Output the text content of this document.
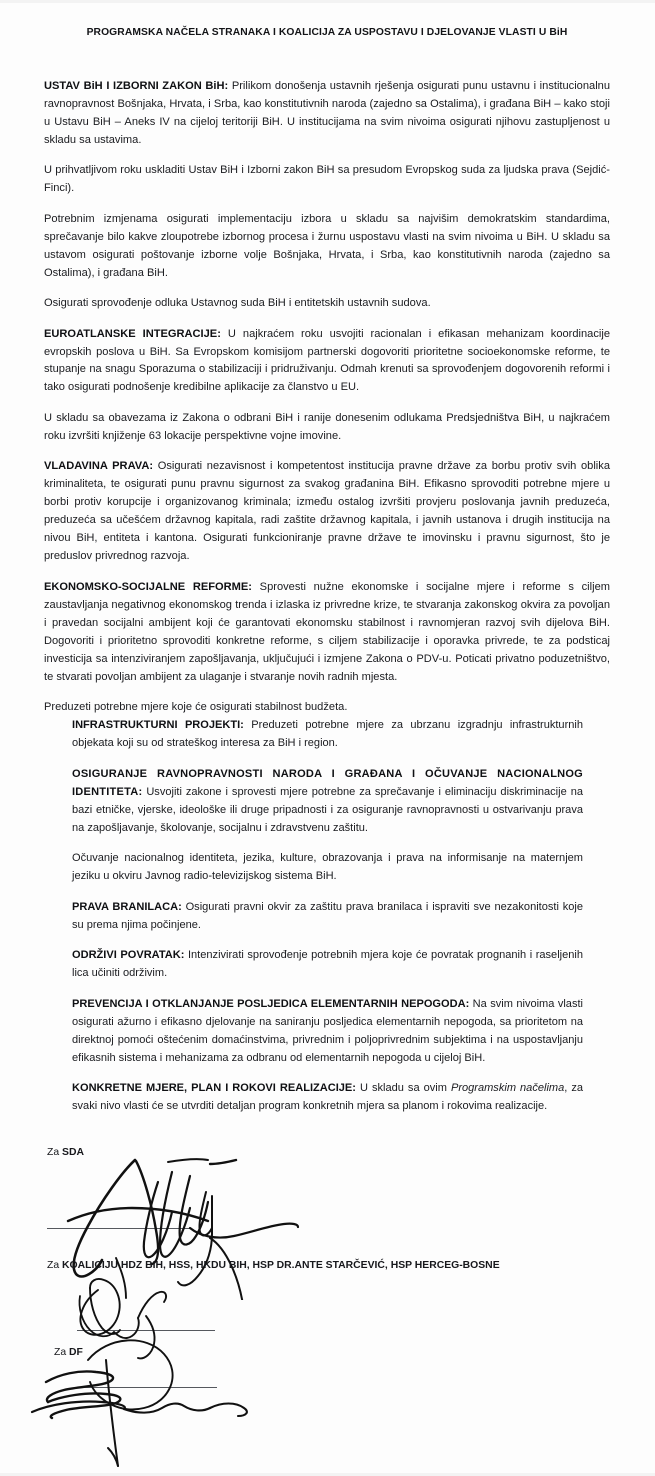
PROGRAMSKA NAČELA STRANAKA I KOALICIJA ZA USPOSTAVU I DJELOVANJE VLASTI U BiH

USTAV BiH I IZBORNI ZAKON BiH: Prilikom donošenja ustavnih rješenja osigurati punu ustavnu i institucionalnu ravnopravnost Bošnjaka, Hrvata, i Srba, kao konstitutivnih naroda (zajedno sa Ostalima), i građana BiH – kako stoji u Ustavu BiH – Aneks IV na cijeloj teritoriji BiH. U institucijama na svim nivoima osigurati njihovu zastupljenost u skladu sa ustavima.

U prihvatljivom roku uskladiti Ustav BiH i Izborni zakon BiH sa presudom Evropskog suda za ljudska prava (Sejdić-Finci).

Potrebnim izmjenama osigurati implementaciju izbora u skladu sa najvišim demokratskim standardima, sprečavanje bilo kakve zloupotrebe izbornog procesa i žurnu uspostavu vlasti na svim nivoima u BiH. U skladu sa ustavom osigurati poštovanje izborne volje Bošnjaka, Hrvata, i Srba, kao konstitutivnih naroda (zajedno sa Ostalima), i građana BiH.

Osigurati sprovođenje odluka Ustavnog suda BiH i entitetskih ustavnih sudova.

EUROATLANSKE INTEGRACIJE: U najkraćem roku usvojiti racionalan i efikasan mehanizam koordinacije evropskih poslova u BiH. Sa Evropskom komisijom partnerski dogovoriti prioritetne socioekonomske reforme, te stupanje na snagu Sporazuma o stabilizaciji i pridruživanju. Odmah krenuti sa sprovođenjem dogovorenih reformi i tako osigurati podnošenje kredibilne aplikacije za članstvo u EU.

U skladu sa obavezama iz Zakona o odbrani BiH i ranije donesenim odlukama Predsjedništva BiH, u najkraćem roku izvršiti knjiženje 63 lokacije perspektivne vojne imovine.

VLADAVINA PRAVA: Osigurati nezavisnost i kompetentost institucija pravne države za borbu protiv svih oblika kriminaliteta, te osigurati punu pravnu sigurnost za svakog građanina BiH. Efikasno sprovoditi potrebne mjere u borbi protiv korupcije i organizovanog kriminala; između ostalog izvršiti provjeru poslovanja javnih preduzeća, preduzeća sa učešćem državnog kapitala, radi zaštite državnog kapitala, i javnih ustanova i drugih institucija na nivou BiH, entiteta i kantona. Osigurati funkcioniranje pravne države te imovinsku i pravnu sigurnost, što je preduslov privrednog razvoja.

EKONOMSKO-SOCIJALNE REFORME: Sprovesti nužne ekonomske i socijalne mjere i reforme s ciljem zaustavljanja negativnog ekonomskog trenda i izlaska iz privredne krize, te stvaranja zakonskog okvira za povoljan i pravedan socijalni ambijent koji će garantovati ekonomsku stabilnost i ravnomjeran razvoj svih dijelova BiH. Dogovoriti i prioritetno sprovoditi konkretne reforme, s ciljem stabilizacije i oporavka privrede, te za podsticaj investicija sa intenziviranjem zapošljavanja, uključujući i izmjene Zakona o PDV-u. Poticati privatno poduzetništvo, te stvarati povoljan ambijent za ulaganje i stvaranje novih radnih mjesta.

Preduzeti potrebne mjere koje će osigurati stabilnost budžeta.

INFRASTRUKTURNI PROJEKTI: Preduzeti potrebne mjere za ubrzanu izgradnju infrastrukturnih objekata koji su od strateškog interesa za BiH i region.

OSIGURANJE RAVNOPRAVNOSTI NARODA I GRAĐANA I OČUVANJE NACIONALNOG IDENTITETA: Usvojiti zakone i sprovesti mjere potrebne za sprečavanje i eliminaciju diskriminacije na bazi etničke, vjerske, ideološke ili druge pripadnosti i za osiguranje ravnopravnosti u ostvarivanju prava na zapošljavanje, školovanje, socijalnu i zdravstvenu zaštitu.

Očuvanje nacionalnog identiteta, jezika, kulture, obrazovanja i prava na informisanje na maternjem jeziku u okviru Javnog radio-televizijskog sistema BiH.

PRAVA BRANILACA: Osigurati pravni okvir za zaštitu prava branilaca i ispraviti sve nezakonitosti koje su prema njima počinjene.

ODRŽIVI POVRATAK: Intenzivirati sprovođenje potrebnih mjera koje će povratak prognanih i raseljenih lica učiniti održivim.

PREVENCIJA I OTKLANJANJE POSLJEDICA ELEMENTARNIH NEPOGODA: Na svim nivoima vlasti osigurati ažurno i efikasno djelovanje na saniranju posljedica elementarnih nepogoda, sa prioritetom na direktnoj pomoći oštećenim domaćinstvima, privrednim i poljoprivrednim subjektima i na uspostavljanju efikasnih sistema i mehanizama za odbranu od elementarnih nepogoda u cijeloj BiH.

KONKRETNE MJERE, PLAN I ROKOVI REALIZACIJE: U skladu sa ovim Programskim načelima, za svaki nivo vlasti će se utvrditi detaljan program konkretnih mjera sa planom i rokovima realizacije.

Za SDA
Za KOALICIJU HDZ BIH, HSS, HKDU BIH, HSP DR.ANTE STARČEVIĆ, HSP HERCEG-BOSNE
Za DF
